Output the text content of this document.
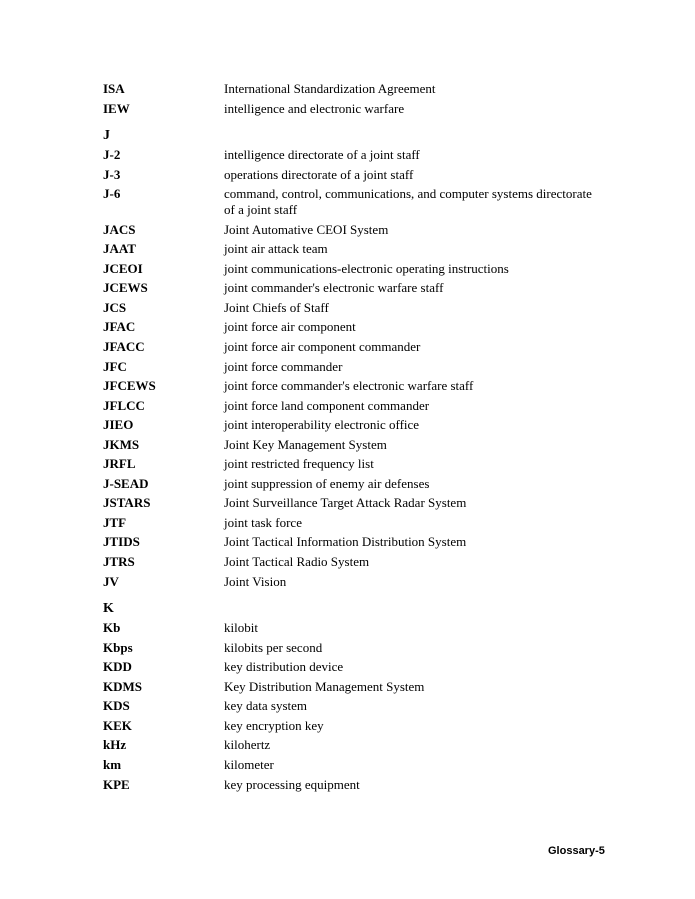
ISA	International Standardization Agreement
IEW	intelligence and electronic warfare
J
J-2	intelligence directorate of a joint staff
J-3	operations directorate of a joint staff
J-6	command, control, communications, and computer systems directorate of a joint staff
JACS	Joint Automative CEOI System
JAAT	joint air attack team
JCEOI	joint communications-electronic operating instructions
JCEWS	joint commander's electronic warfare staff
JCS	Joint Chiefs of Staff
JFAC	joint force air component
JFACC	joint force air component commander
JFC	joint force commander
JFCEWS	joint force commander's electronic warfare staff
JFLCC	joint force land component commander
JIEO	joint interoperability electronic office
JKMS	Joint Key Management System
JRFL	joint restricted frequency list
J-SEAD	joint suppression of enemy air defenses
JSTARS	Joint Surveillance Target Attack Radar System
JTF	joint task force
JTIDS	Joint Tactical Information Distribution System
JTRS	Joint Tactical Radio System
JV	Joint Vision
K
Kb	kilobit
Kbps	kilobits per second
KDD	key distribution device
KDMS	Key Distribution Management System
KDS	key data system
KEK	key encryption key
kHz	kilohertz
km	kilometer
KPE	key processing equipment
Glossary-5
